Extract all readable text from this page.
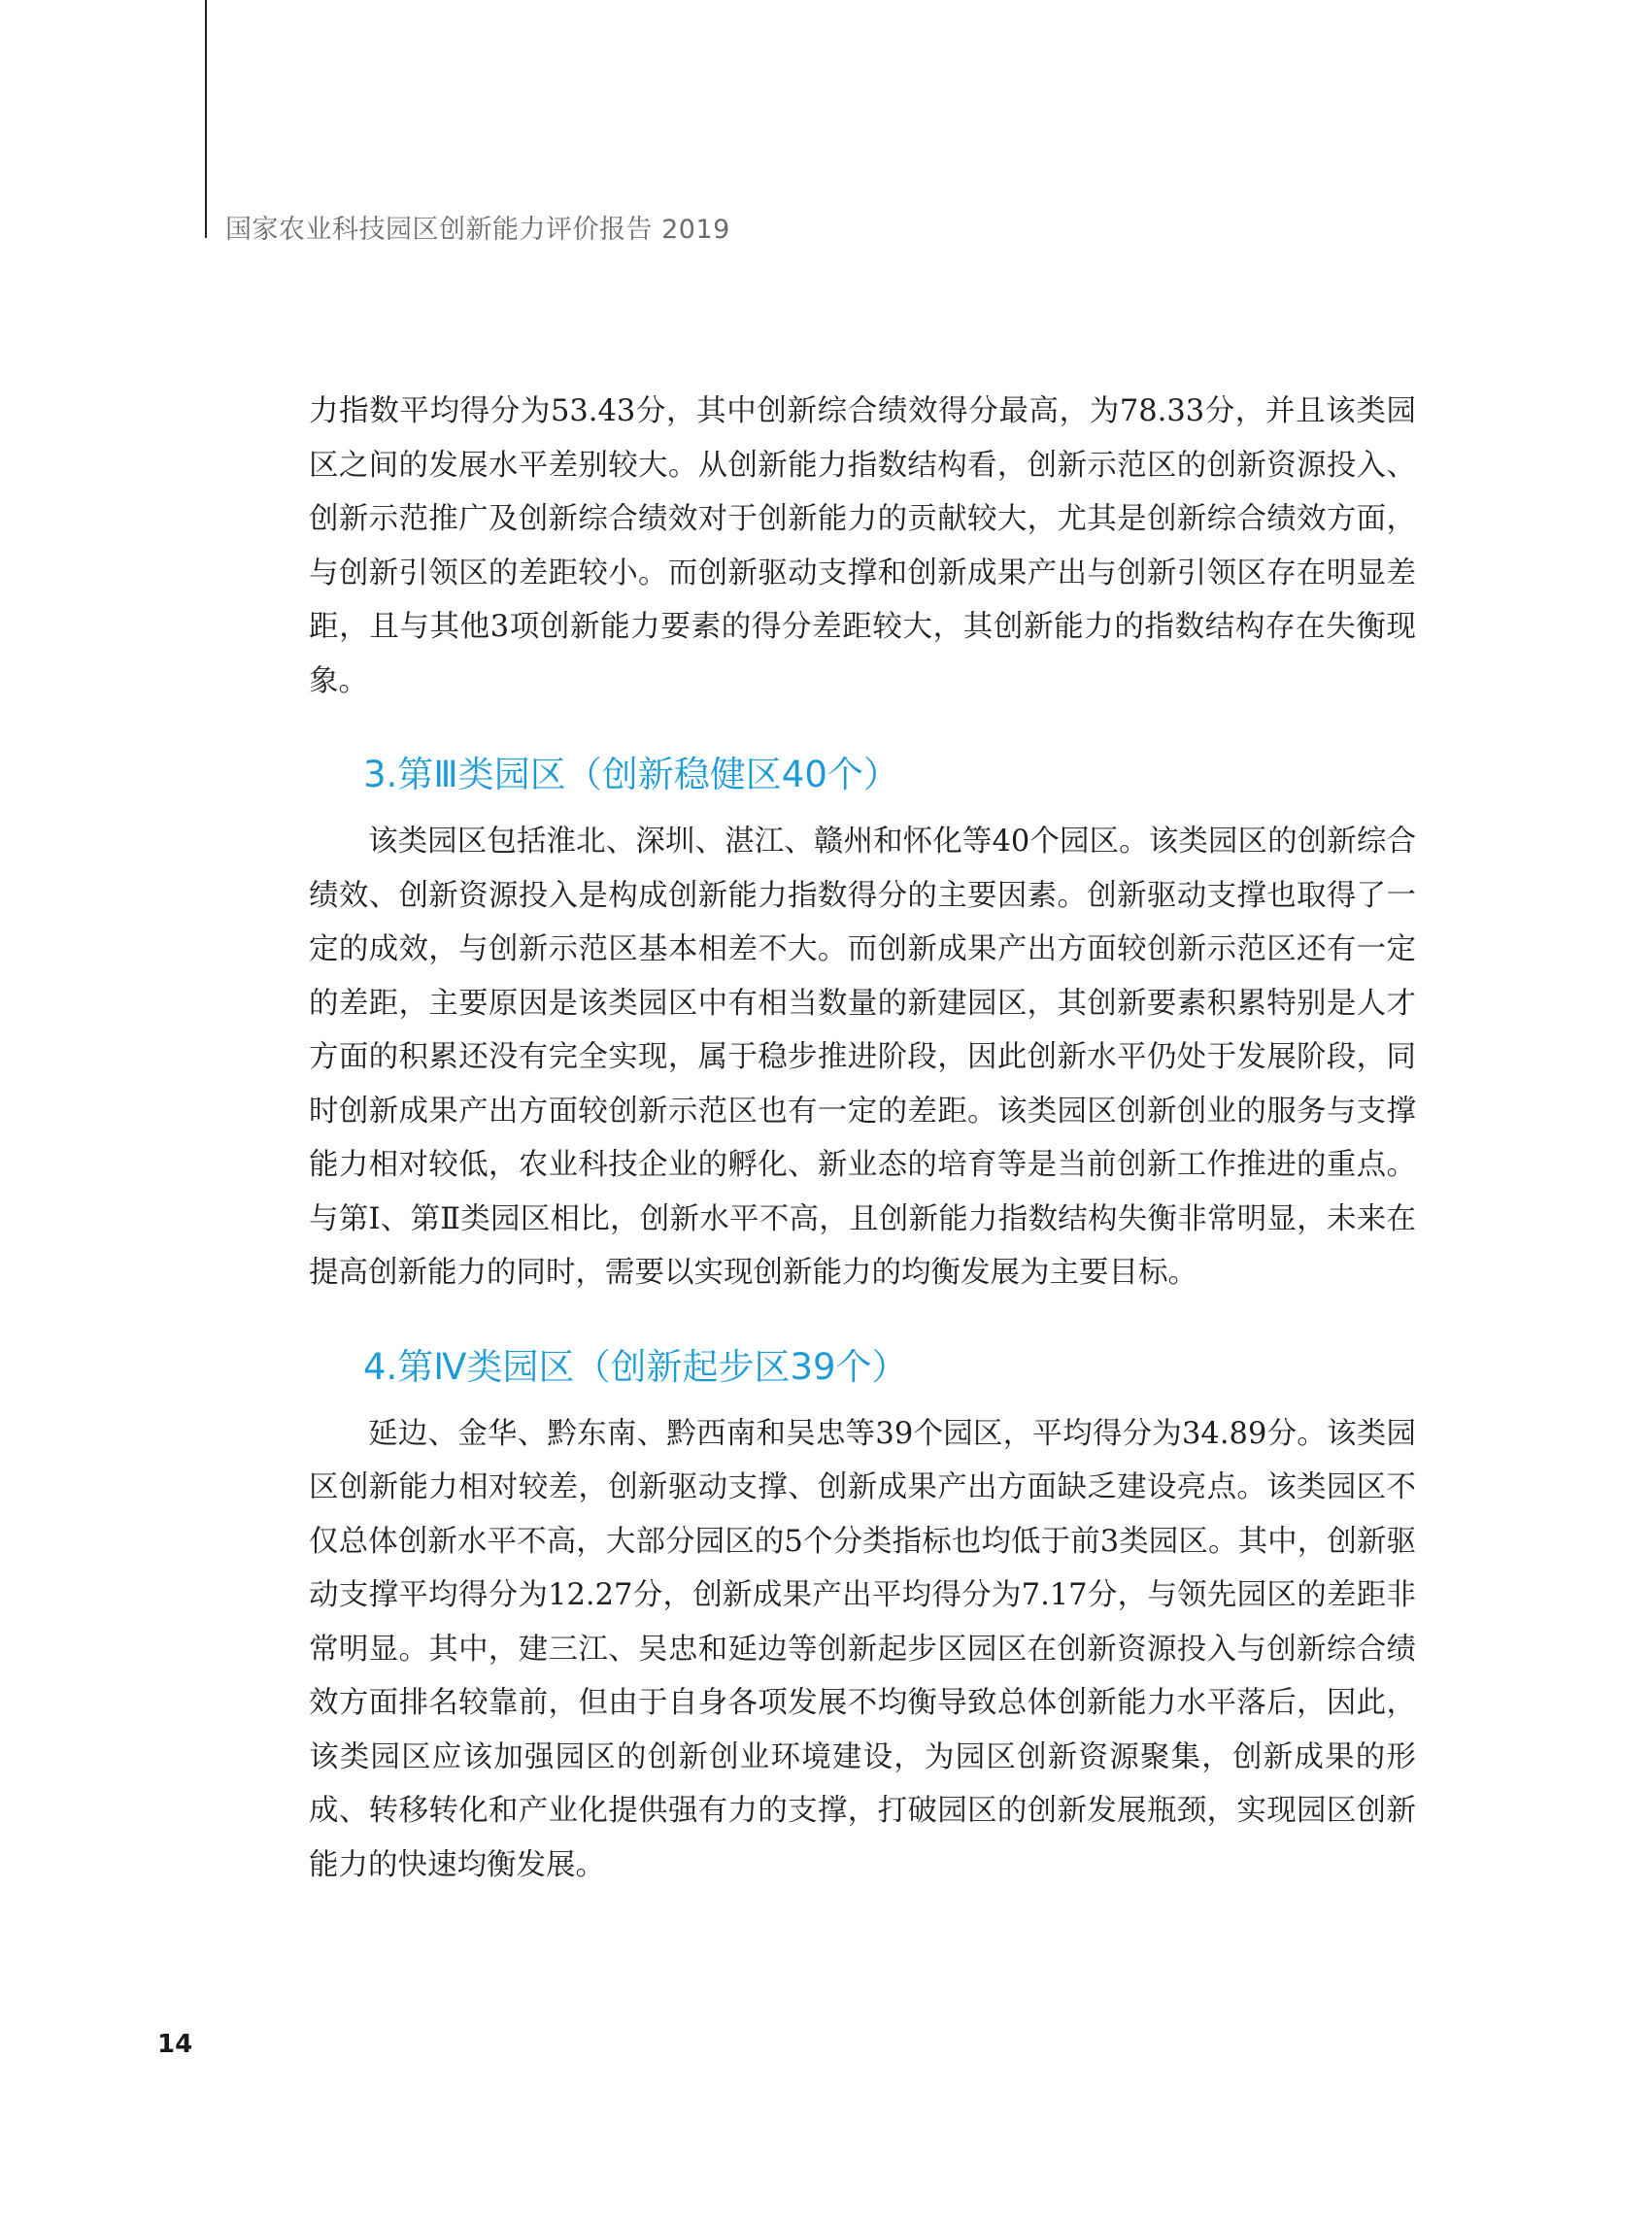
国家农业科技园区创新能力评价报告 2019

力指数平均得分为53.43分，其中创新综合绩效得分最高，为78.33分，并且该类园区之间的发展水平差别较大。从创新能力指数结构看，创新示范区的创新资源投入、创新示范推广及创新综合绩效对于创新能力的贡献较大，尤其是创新综合绩效方面，与创新引领区的差距较小。而创新驱动支撑和创新成果产出与创新引领区存在明显差距，且与其他3项创新能力要素的得分差距较大，其创新能力的指数结构存在失衡现象。

3.第Ⅲ类园区（创新稳健区40个）

该类园区包括淮北、深圳、湛江、赣州和怀化等40个园区。该类园区的创新综合绩效、创新资源投入是构成创新能力指数得分的主要因素。创新驱动支撑也取得了一定的成效，与创新示范区基本相差不大。而创新成果产出方面较创新示范区还有一定的差距，主要原因是该类园区中有相当数量的新建园区，其创新要素积累特别是人才方面的积累还没有完全实现，属于稳步推进阶段，因此创新水平仍处于发展阶段，同时创新成果产出方面较创新示范区也有一定的差距。该类园区创新创业的服务与支撑能力相对较低，农业科技企业的孵化、新业态的培育等是当前创新工作推进的重点。与第Ⅰ、第Ⅱ类园区相比，创新水平不高，且创新能力指数结构失衡非常明显，未来在提高创新能力的同时，需要以实现创新能力的均衡发展为主要目标。

4.第Ⅳ类园区（创新起步区39个）

延边、金华、黔东南、黔西南和吴忠等39个园区，平均得分为34.89分。该类园区创新能力相对较差，创新驱动支撑、创新成果产出方面缺乏建设亮点。该类园区不仅总体创新水平不高，大部分园区的5个分类指标也均低于前3类园区。其中，创新驱动支撑平均得分为12.27分，创新成果产出平均得分为7.17分，与领先园区的差距非常明显。其中，建三江、吴忠和延边等创新起步区园区在创新资源投入与创新综合绩效方面排名较靠前，但由于自身各项发展不均衡导致总体创新能力水平落后，因此，该类园区应该加强园区的创新创业环境建设，为园区创新资源聚集，创新成果的形成、转移转化和产业化提供强有力的支撑，打破园区的创新发展瓶颈，实现园区创新能力的快速均衡发展。

14
